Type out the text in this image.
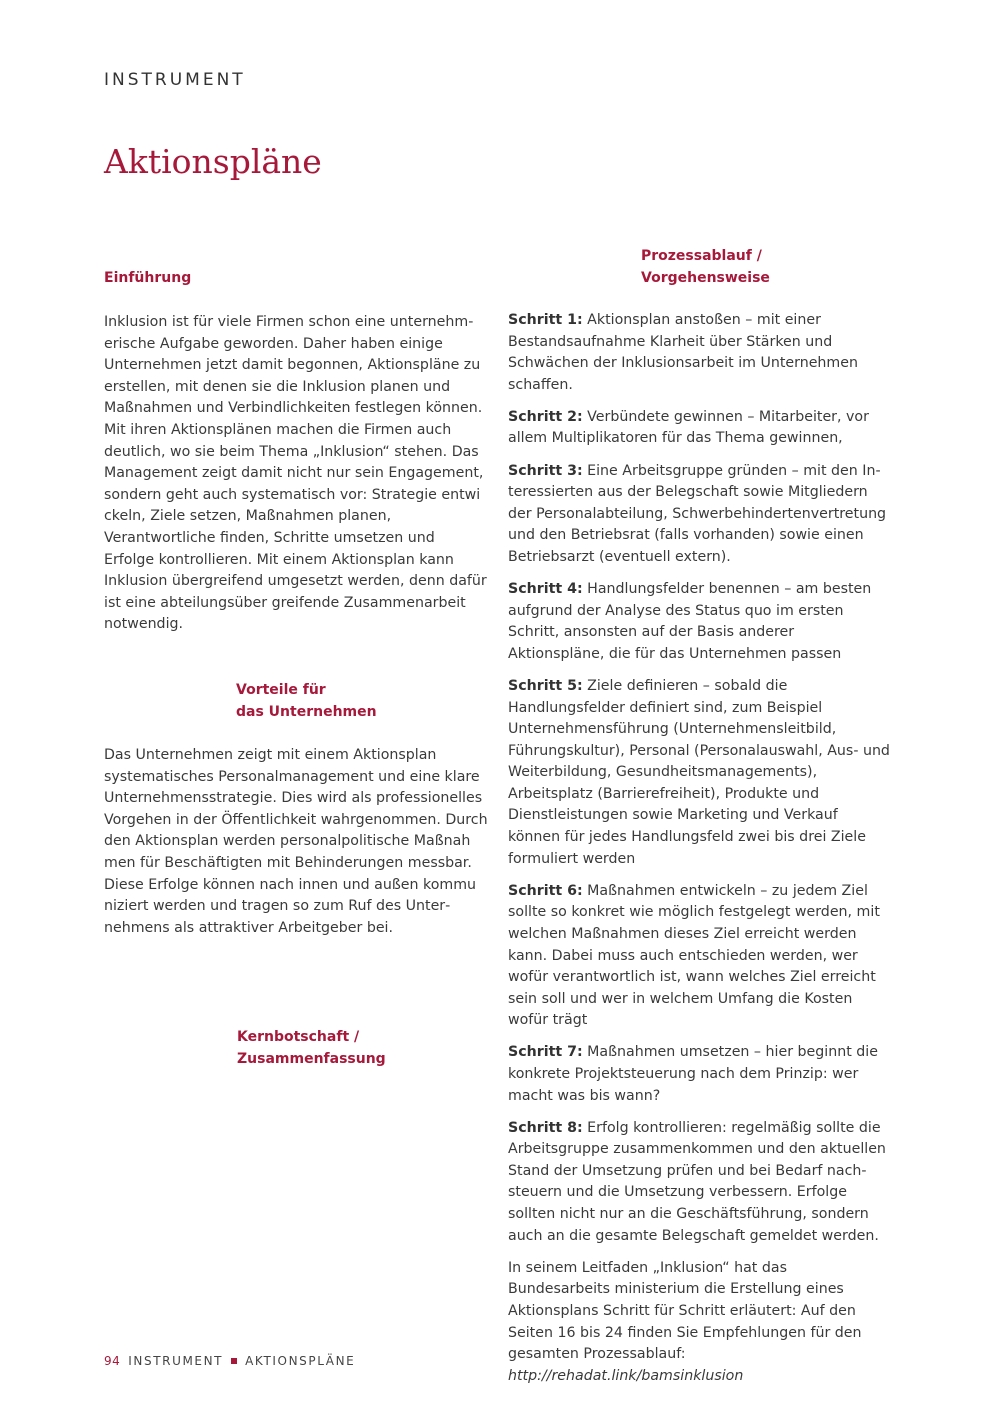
INSTRUMENT
Aktionspläne
Einführung
Inklusion ist für viele Firmen schon eine unternehmerische Aufgabe geworden. Daher haben einige Unternehmen jetzt damit begonnen, Aktionspläne zu erstellen, mit denen sie die Inklusion planen und Maßnahmen und Verbindlichkeiten festlegen können. Mit ihren Aktionsplänen machen die Firmen auch deutlich, wo sie beim Thema „Inklusion“ stehen. Das Management zeigt damit nicht nur sein Engagement, sondern geht auch systematisch vor: Strategie entwi ckeln, Ziele setzen, Maßnahmen planen, Verantwortliche finden, Schritte umsetzen und Erfolge kontrollieren. Mit einem Aktionsplan kann Inklusion übergreifend umgesetzt werden, denn dafür ist eine abteilungsüber greifende Zusammenarbeit notwendig.
Vorteile für
das Unternehmen
Das Unternehmen zeigt mit einem Aktionsplan systematisches Personalmanagement und eine klare Unternehmensstrategie. Dies wird als professionelles Vorgehen in der Öffentlichkeit wahrgenommen. Durch den Aktionsplan werden personalpolitische Maßnah men für Beschäftigten mit Behinderungen messbar. Diese Erfolge können nach innen und außen kommu niziert werden und tragen so zum Ruf des Unternehmens als attraktiver Arbeitgeber bei.
Kernbotschaft /
Zusammenfassung
Prozessablauf /
Vorgehensweise

Schritt 1: Aktionsplan anstoßen – mit einer Bestandsaufnahme Klarheit über Stärken und Schwächen der Inklusionsarbeit im Unternehmen schaffen.

Schritt 2: Verbündete gewinnen – Mitarbeiter, vor allem Multiplikatoren für das Thema gewinnen,

Schritt 3: Eine Arbeitsgruppe gründen – mit den Interessierten aus der Belegschaft sowie Mitgliedern der Personalabteilung, Schwerbehindertenvertretung und den Betriebsrat (falls vorhanden) sowie einen Betriebsarzt (eventuell extern).

Schritt 4: Handlungsfelder benennen – am besten aufgrund der Analyse des Status quo im ersten Schritt, ansonsten auf der Basis anderer Aktionspläne, die für das Unternehmen passen

Schritt 5: Ziele definieren – sobald die Handlungsfelder definiert sind, zum Beispiel Unternehmensführung (Unternehmensleitbild, Führungskultur), Personal (Personalauswahl, Aus- und Weiterbildung, Gesundheitsmanagements), Arbeitsplatz (Barrierefreiheit), Produkte und Dienstleistungen sowie Marketing und Verkauf können für jedes Handlungsfeld zwei bis drei Ziele formuliert werden

Schritt 6: Maßnahmen entwickeln – zu jedem Ziel sollte so konkret wie möglich festgelegt werden, mit welchen Maßnahmen dieses Ziel erreicht werden kann. Dabei muss auch entschieden werden, wer wofür verantwortlich ist, wann welches Ziel erreicht sein soll und wer in welchem Umfang die Kosten wofür trägt

Schritt 7: Maßnahmen umsetzen – hier beginnt die konkrete Projektsteuerung nach dem Prinzip: wer macht was bis wann?

Schritt 8: Erfolg kontrollieren: regelmäßig sollte die Arbeitsgruppe zusammenkommen und den aktuellen Stand der Umsetzung prüfen und bei Bedarf nachsteuern und die Umsetzung verbessern. Erfolge sollten nicht nur an die Geschäftsführung, sondern auch an die gesamte Belegschaft gemeldet werden.

In seinem Leitfaden „Inklusion“ hat das Bundesarbeits ministerium die Erstellung eines Aktionsplans Schritt für Schritt erläutert: Auf den Seiten 16 bis 24 finden Sie Empfehlungen für den gesamten Prozessablauf:
http://rehadat.link/bamsinklusion

94 INSTRUMENT AKTIONSPLÄNE
